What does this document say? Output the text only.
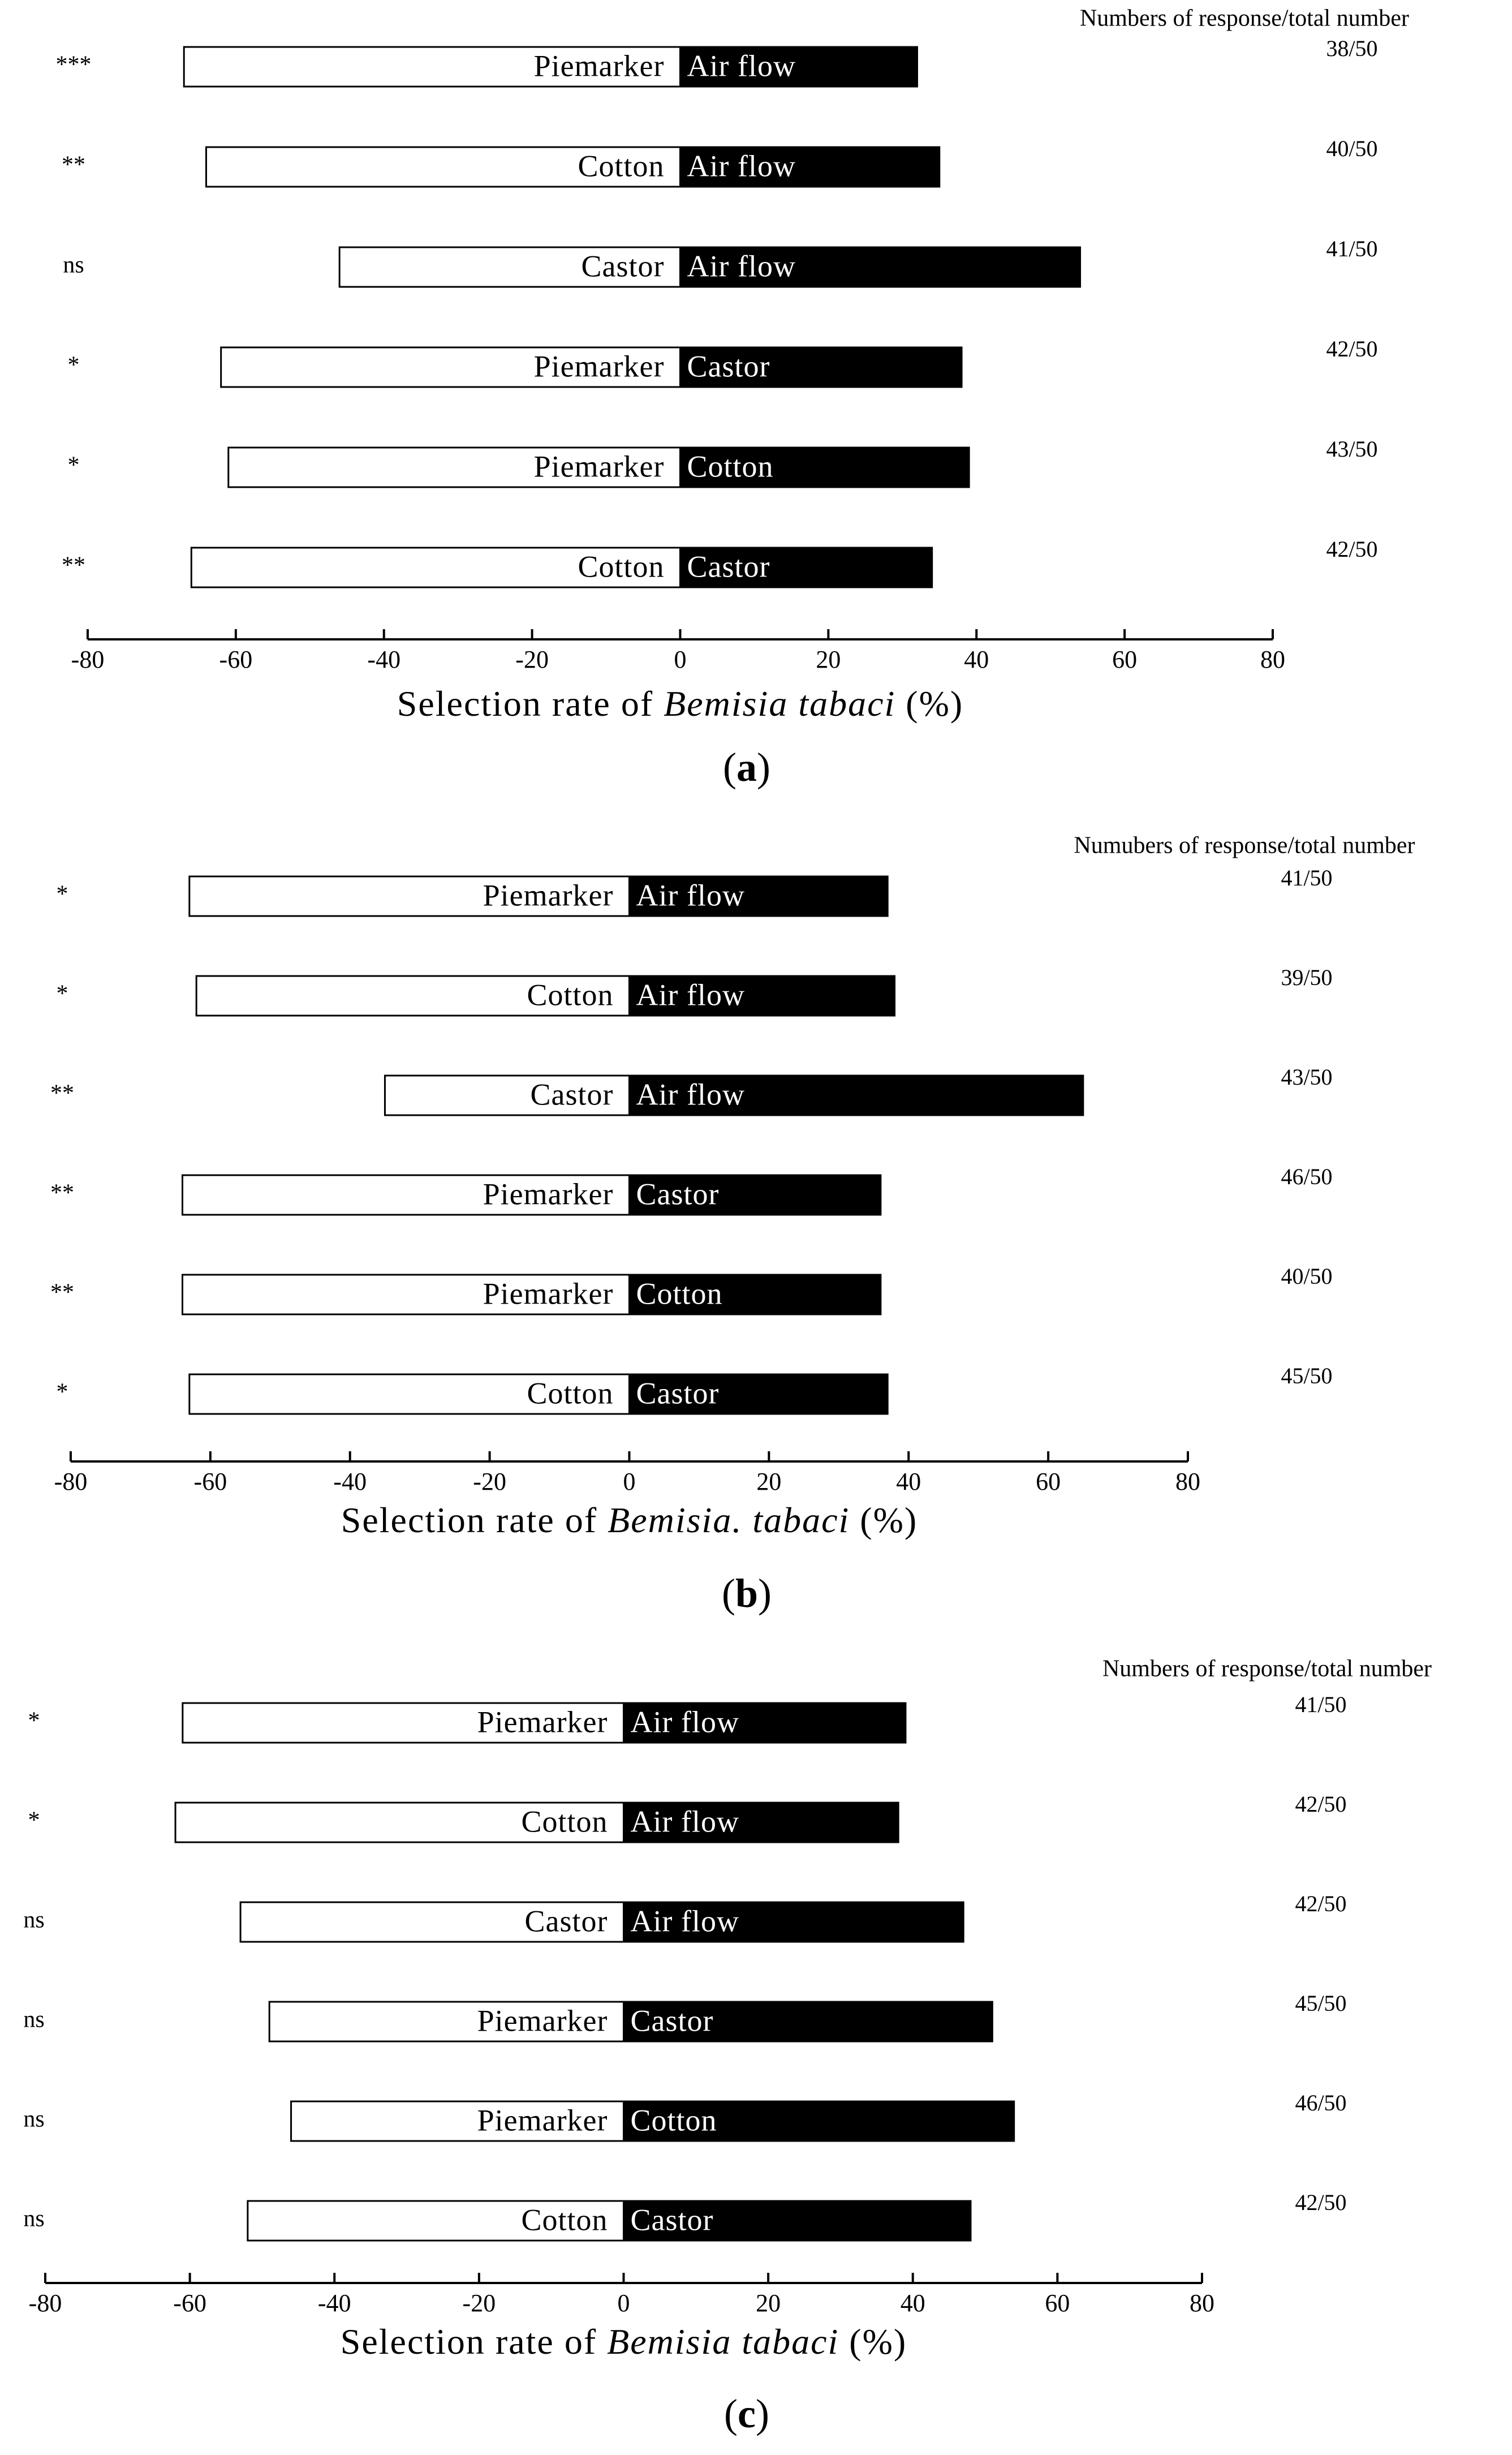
Numbers of response/total number
Piemarker Air flow
***
38/50
Cotton Air flow
**
40/50
Castor Air flow
ns
41/50
Piemarker Castor
*
42/50
Piemarker Cotton
*
43/50
Cotton Castor
**
42/50
-80	-60	-40	-20	0	20	40	60	80
Selection rate of Bemisia tabaci (%)
(a)
Numubers of response/total number
Piemarker Air flow
*
41/50
Cotton Air flow
*
39/50
Castor Air flow
**
43/50
Piemarker Castor
**
46/50
Piemarker Cotton
**
40/50
Cotton Castor
*
45/50
-80	-60	-40	-20	0	20	40	60	80
Selection rate of Bemisia. tabaci (%)
(b)
Numbers of response/total number
Piemarker Air flow
*
41/50
Cotton Air flow
*
42/50
Castor Air flow
ns
42/50
Piemarker Castor
ns
45/50
Piemarker Cotton
ns
46/50
Cotton Castor
ns
42/50
-80	-60	-40	-20	0	20	40	60	80
Selection rate of Bemisia tabaci (%)
(c)
